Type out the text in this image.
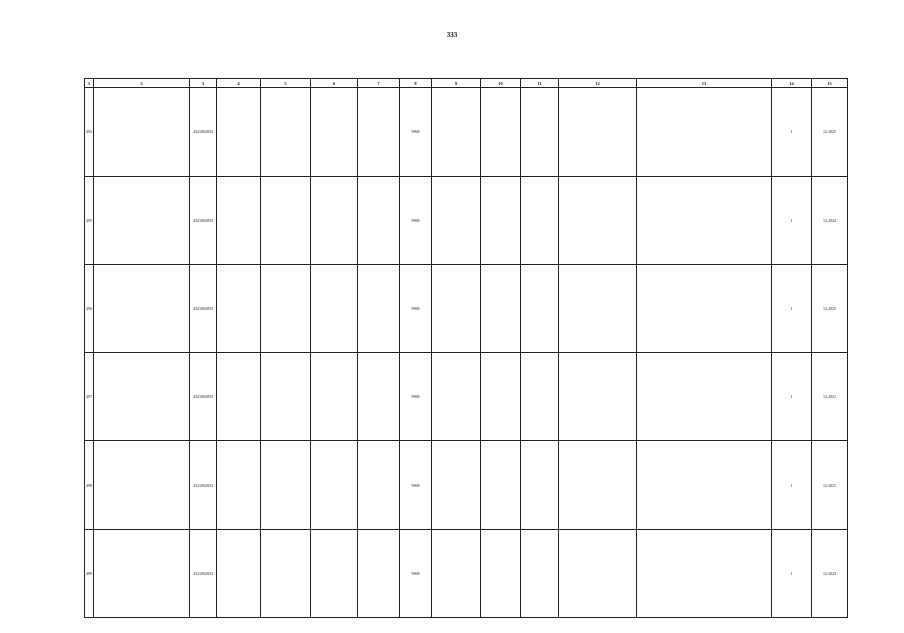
333
1	2	3	4	5	6	7	8	9	10	11	12	13	14	15
494		4321002053					9968						1	12.2025
495		4321002053					9968						1	12.2024
496		4321002053					9968						1	12.2025
497		4321002053					9968						1	12.2021
498		4321002053					9968						1	12.2021
499		4321002053					9968						1	12.2023
